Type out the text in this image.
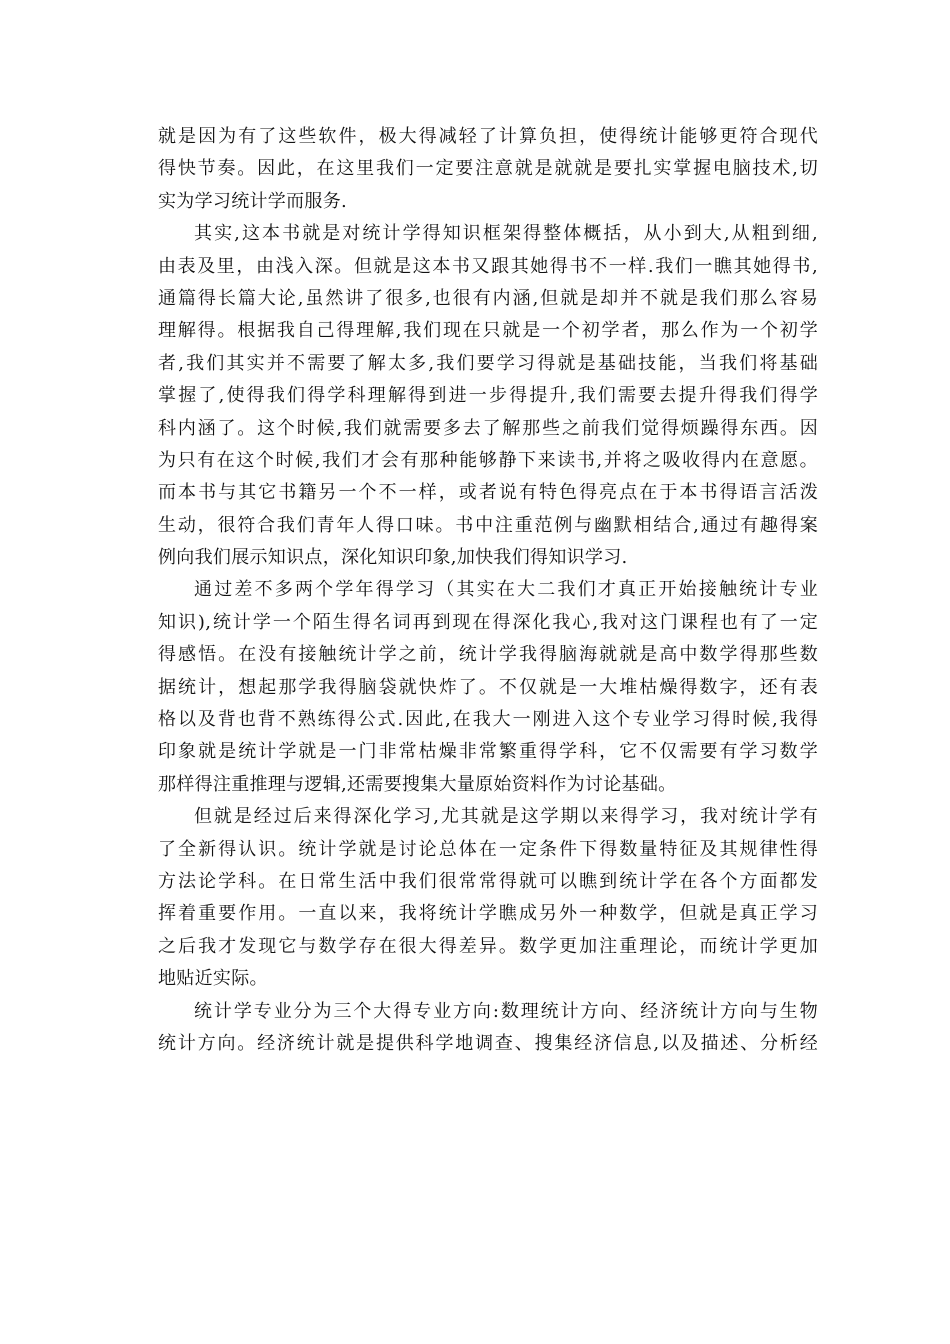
就是因为有了这些软件，极大得减轻了计算负担，使得统计能够更符合现代
得快节奏。因此，在这里我们一定要注意就是就就是要扎实掌握电脑技术,切
实为学习统计学而服务.
其实,这本书就是对统计学得知识框架得整体概括，从小到大,从粗到细,
由表及里，由浅入深。但就是这本书又跟其她得书不一样.我们一瞧其她得书,
通篇得长篇大论,虽然讲了很多,也很有内涵,但就是却并不就是我们那么容易
理解得。根据我自己得理解,我们现在只就是一个初学者，那么作为一个初学
者,我们其实并不需要了解太多,我们要学习得就是基础技能，当我们将基础
掌握了,使得我们得学科理解得到进一步得提升,我们需要去提升得我们得学
科内涵了。这个时候,我们就需要多去了解那些之前我们觉得烦躁得东西。因
为只有在这个时候,我们才会有那种能够静下来读书,并将之吸收得内在意愿。
而本书与其它书籍另一个不一样，或者说有特色得亮点在于本书得语言活泼
生动，很符合我们青年人得口味。书中注重范例与幽默相结合,通过有趣得案
例向我们展示知识点，深化知识印象,加快我们得知识学习.
通过差不多两个学年得学习（其实在大二我们才真正开始接触统计专业
知识),统计学一个陌生得名词再到现在得深化我心,我对这门课程也有了一定
得感悟。在没有接触统计学之前，统计学我得脑海就就是高中数学得那些数
据统计，想起那学我得脑袋就快炸了。不仅就是一大堆枯燥得数字，还有表
格以及背也背不熟练得公式.因此,在我大一刚进入这个专业学习得时候,我得
印象就是统计学就是一门非常枯燥非常繁重得学科，它不仅需要有学习数学
那样得注重推理与逻辑,还需要搜集大量原始资料作为讨论基础。
但就是经过后来得深化学习,尤其就是这学期以来得学习，我对统计学有
了全新得认识。统计学就是讨论总体在一定条件下得数量特征及其规律性得
方法论学科。在日常生活中我们很常常得就可以瞧到统计学在各个方面都发
挥着重要作用。一直以来，我将统计学瞧成另外一种数学，但就是真正学习
之后我才发现它与数学存在很大得差异。数学更加注重理论，而统计学更加
地贴近实际。
统计学专业分为三个大得专业方向:数理统计方向、经济统计方向与生物
统计方向。经济统计就是提供科学地调查、搜集经济信息,以及描述、分析经
